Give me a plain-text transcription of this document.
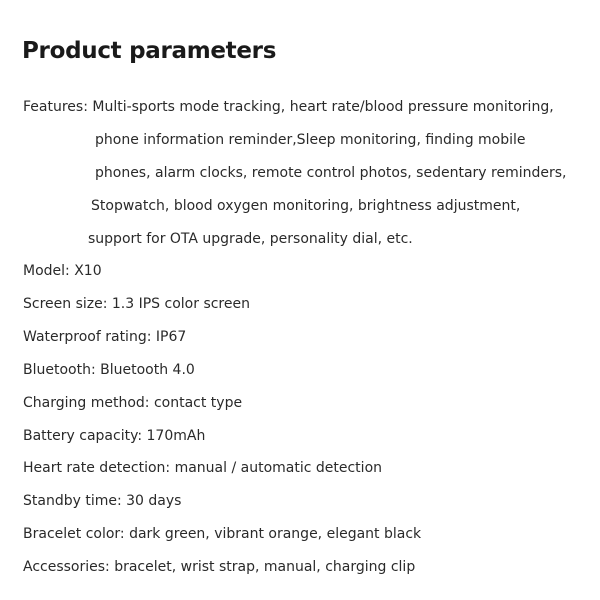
Product parameters
Features: Multi-sports mode tracking, heart rate/blood pressure monitoring,
phone information reminder,Sleep monitoring, finding mobile
phones, alarm clocks, remote control photos, sedentary reminders,
Stopwatch, blood oxygen monitoring, brightness adjustment,
support for OTA upgrade, personality dial, etc.
Model: X10
Screen size: 1.3 IPS color screen
Waterproof rating: IP67
Bluetooth: Bluetooth 4.0
Charging method: contact type
Battery capacity: 170mAh
Heart rate detection: manual / automatic detection
Standby time: 30 days
Bracelet color: dark green, vibrant orange, elegant black
Accessories: bracelet, wrist strap, manual, charging clip
